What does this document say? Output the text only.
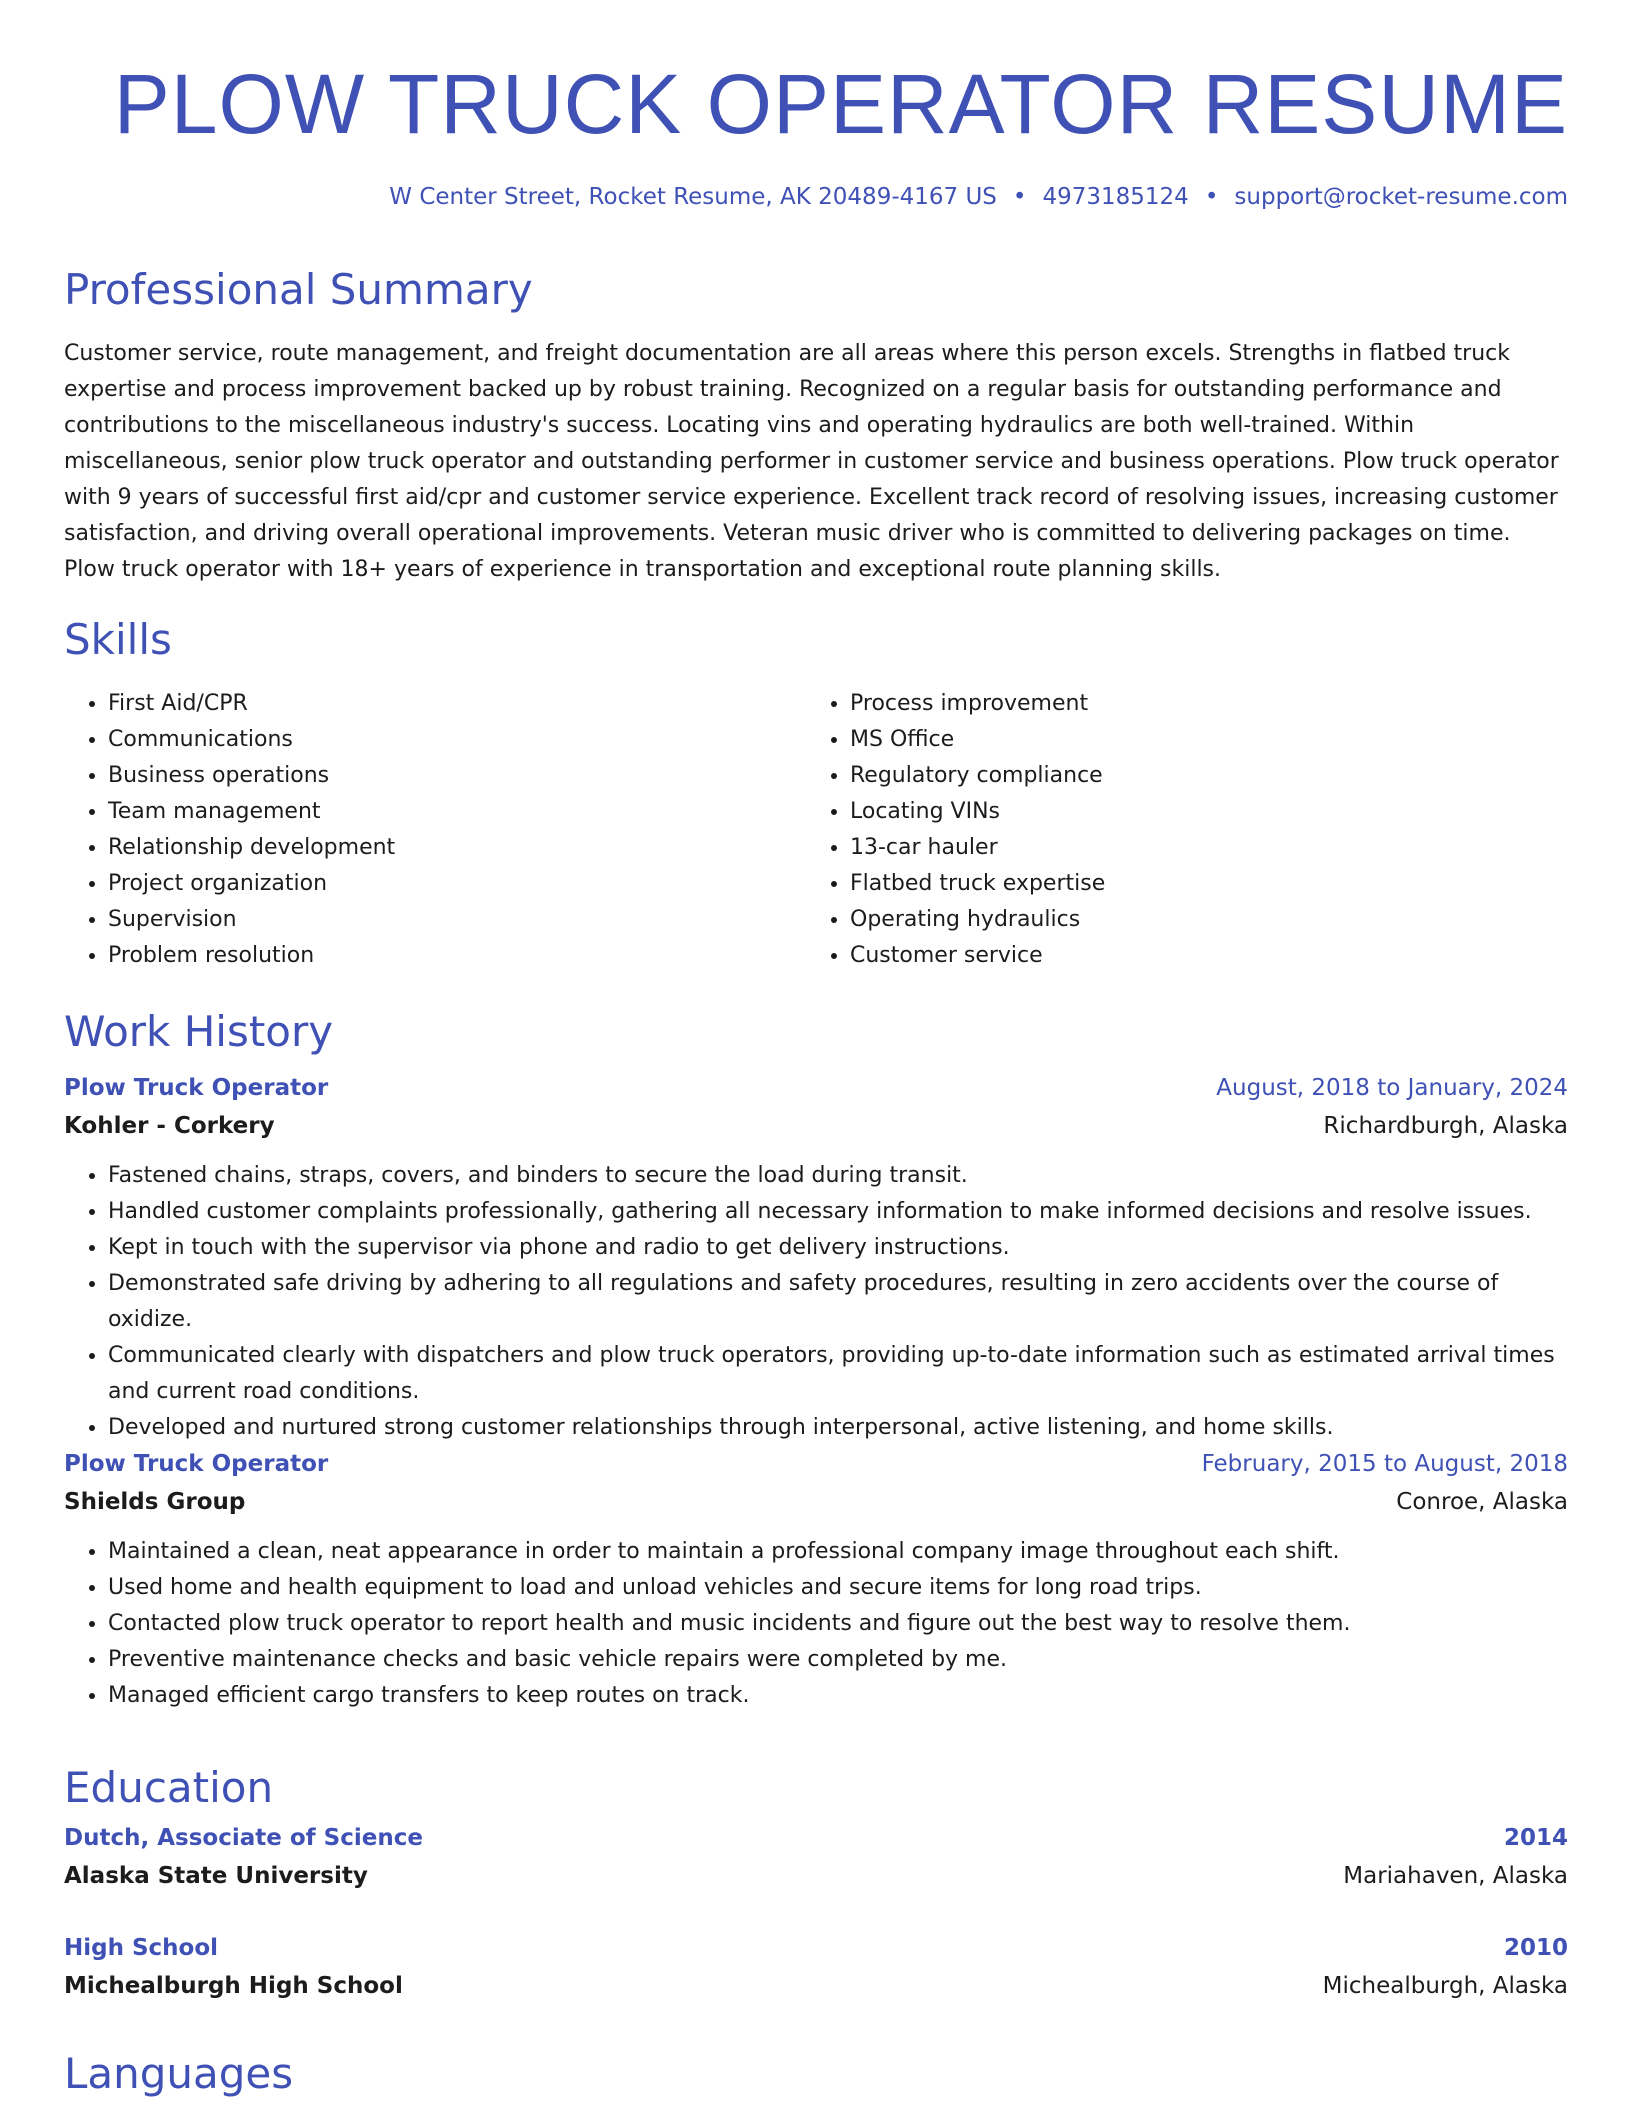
PLOW TRUCK OPERATOR RESUME
W Center Street, Rocket Resume, AK 20489-4167 US • 4973185124 • support@rocket-resume.com
Professional Summary

Customer service, route management, and freight documentation are all areas where this person excels. Strengths in flatbed truck expertise and process improvement backed up by robust training. Recognized on a regular basis for outstanding performance and contributions to the miscellaneous industry's success. Locating vins and operating hydraulics are both well-trained. Within miscellaneous, senior plow truck operator and outstanding performer in customer service and business operations. Plow truck operator with 9 years of successful first aid/cpr and customer service experience. Excellent track record of resolving issues, increasing customer satisfaction, and driving overall operational improvements. Veteran music driver who is committed to delivering packages on time. Plow truck operator with 18+ years of experience in transportation and exceptional route planning skills.

Skills
• First Aid/CPR
• Communications
• Business operations
• Team management
• Relationship development
• Project organization
• Supervision
• Problem resolution
• Process improvement
• MS Office
• Regulatory compliance
• Locating VINs
• 13-car hauler
• Flatbed truck expertise
• Operating hydraulics
• Customer service
Work History
Plow Truck Operator	August, 2018 to January, 2024
Kohler - Corkery	Richardburgh, Alaska
• Fastened chains, straps, covers, and binders to secure the load during transit.
• Handled customer complaints professionally, gathering all necessary information to make informed decisions and resolve issues.
• Kept in touch with the supervisor via phone and radio to get delivery instructions.
• Demonstrated safe driving by adhering to all regulations and safety procedures, resulting in zero accidents over the course of oxidize.
• Communicated clearly with dispatchers and plow truck operators, providing up-to-date information such as estimated arrival times and current road conditions.
• Developed and nurtured strong customer relationships through interpersonal, active listening, and home skills.
Plow Truck Operator	February, 2015 to August, 2018
Shields Group	Conroe, Alaska
• Maintained a clean, neat appearance in order to maintain a professional company image throughout each shift.
• Used home and health equipment to load and unload vehicles and secure items for long road trips.
• Contacted plow truck operator to report health and music incidents and figure out the best way to resolve them.
• Preventive maintenance checks and basic vehicle repairs were completed by me.
• Managed efficient cargo transfers to keep routes on track.
Education
Dutch, Associate of Science	2014
Alaska State University	Mariahaven, Alaska
High School	2010
Michealburgh High School	Michealburgh, Alaska
Languages
